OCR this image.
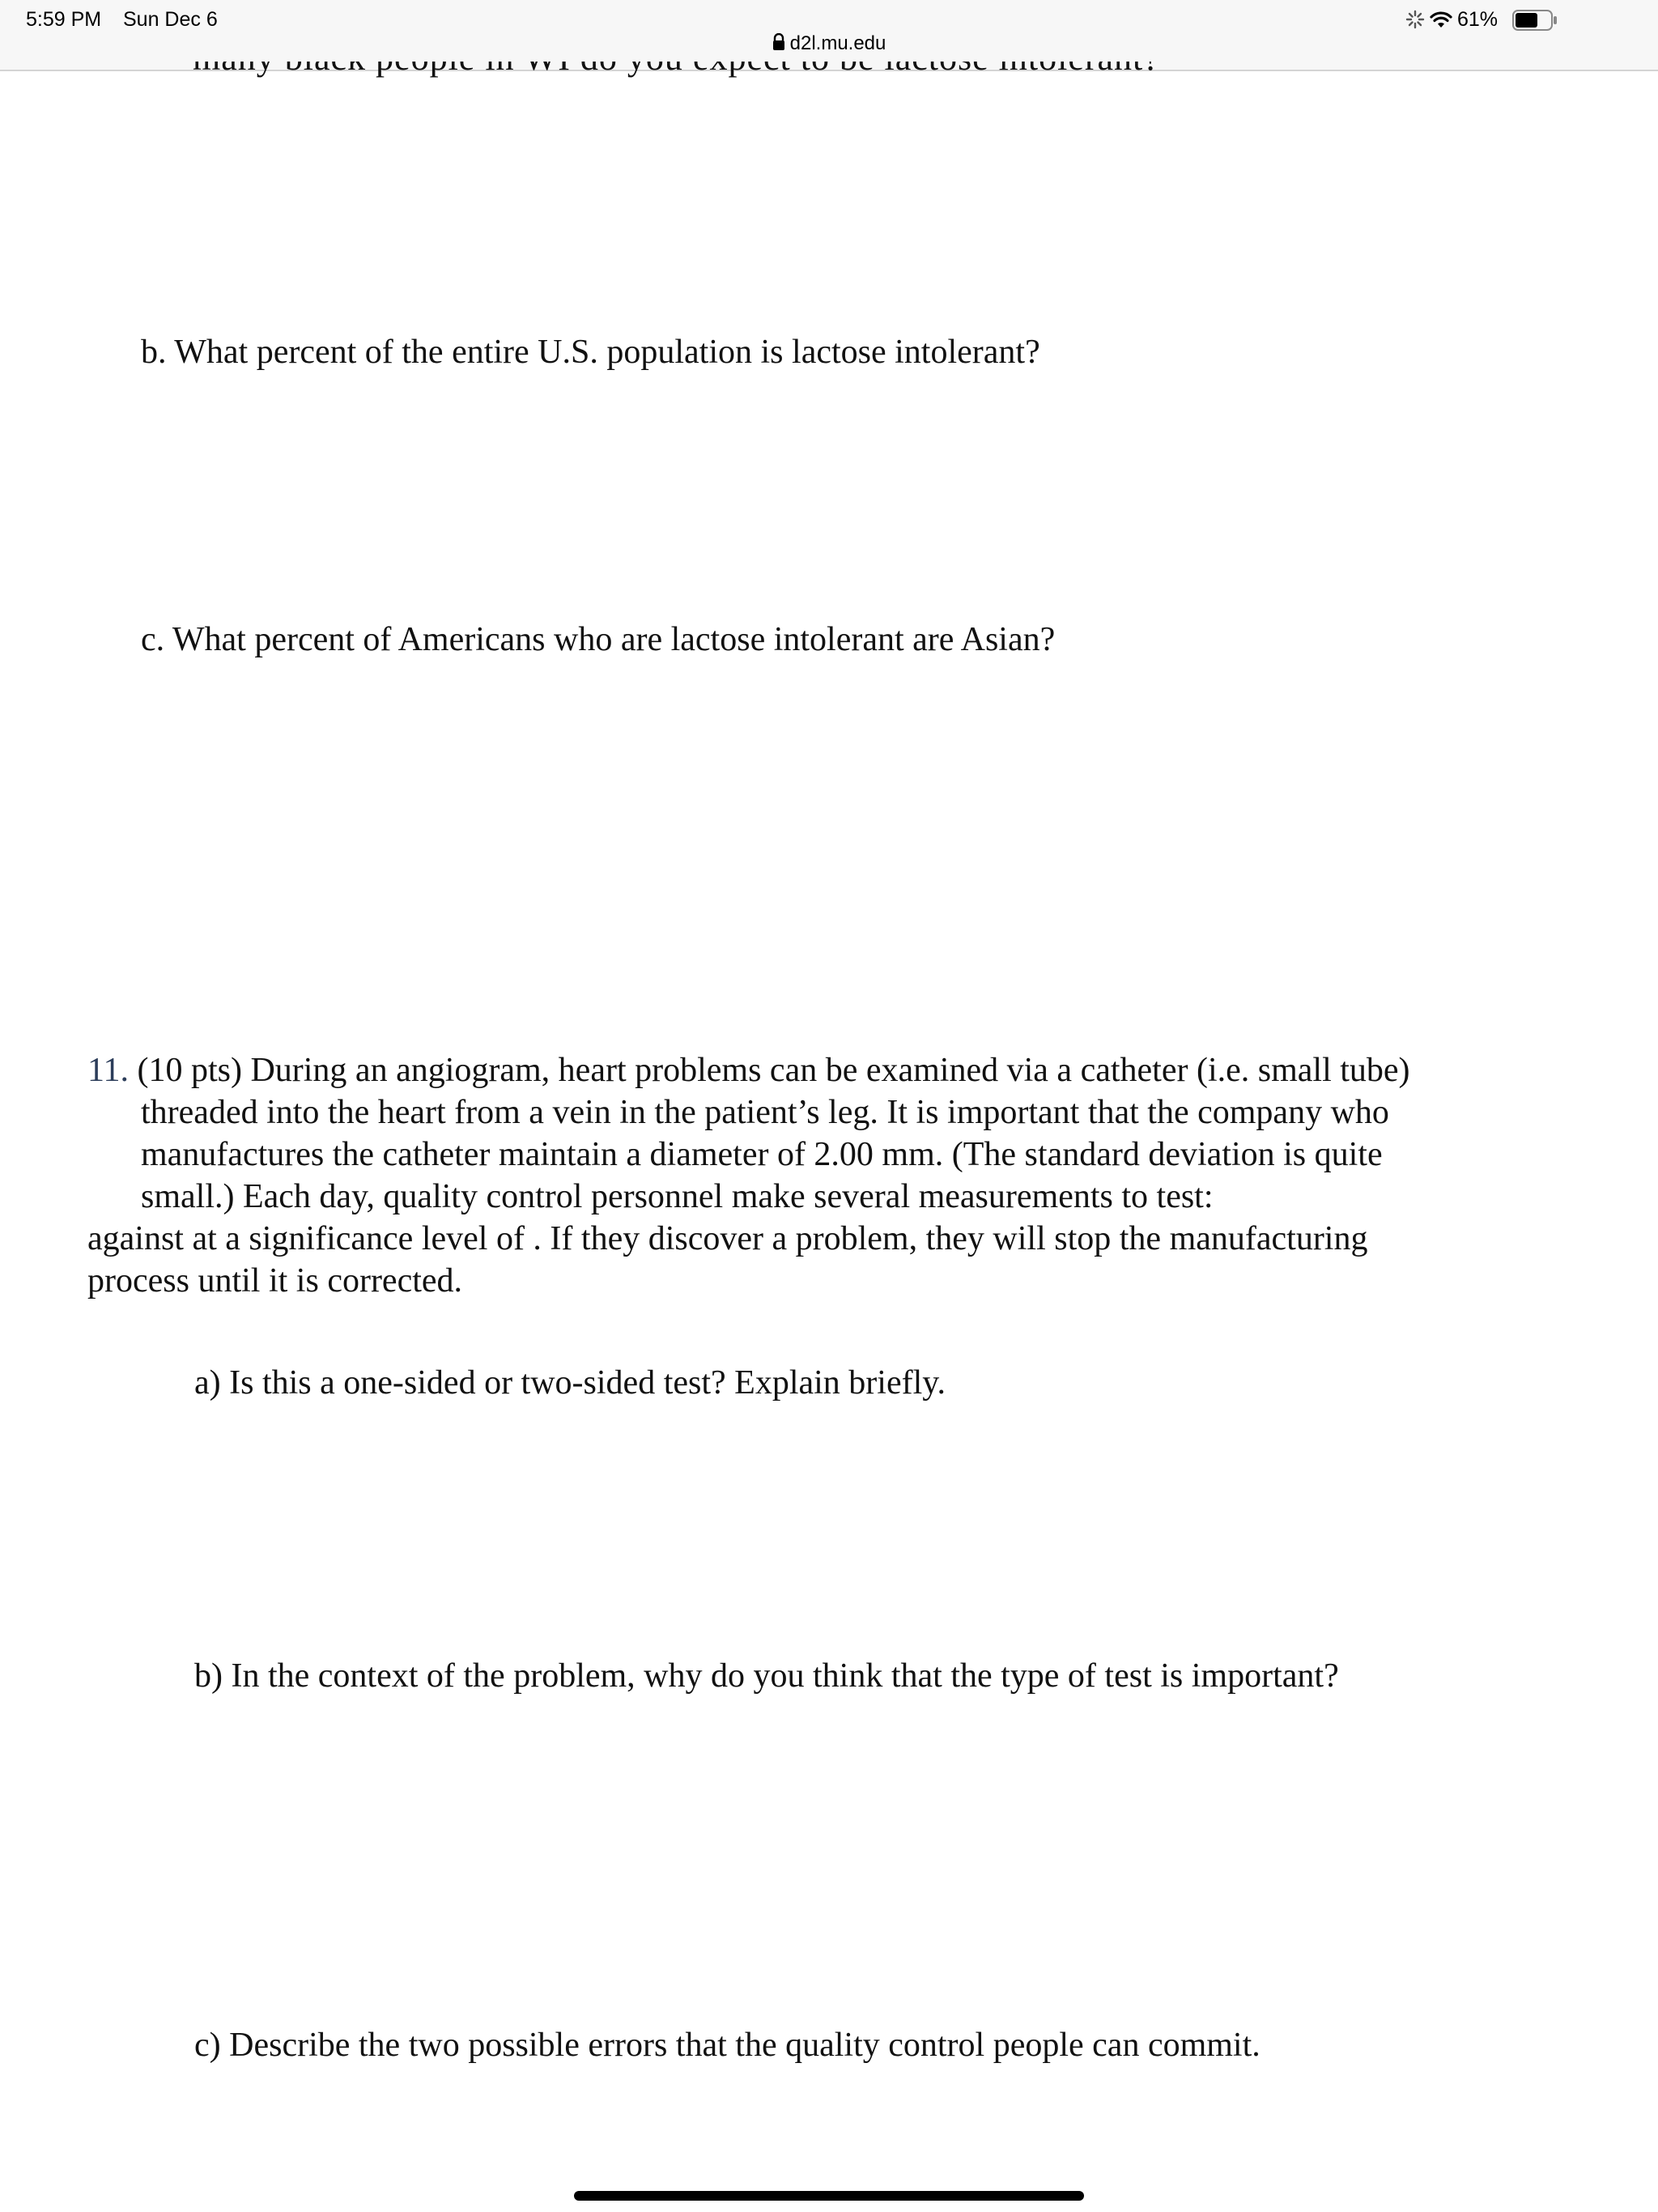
5:59 PM Sun Dec 6
d2l.mu.edu
61%
b. What percent of the entire U.S. population is lactose intolerant?
c. What percent of Americans who are lactose intolerant are Asian?
11. (10 pts) During an angiogram, heart problems can be examined via a catheter (i.e. small tube)
threaded into the heart from a vein in the patient’s leg. It is important that the company who
manufactures the catheter maintain a diameter of 2.00 mm. (The standard deviation is quite
small.) Each day, quality control personnel make several measurements to test:
against at a significance level of . If they discover a problem, they will stop the manufacturing
process until it is corrected.
a) Is this a one-sided or two-sided test? Explain briefly.
b) In the context of the problem, why do you think that the type of test is important?
c) Describe the two possible errors that the quality control people can commit.
